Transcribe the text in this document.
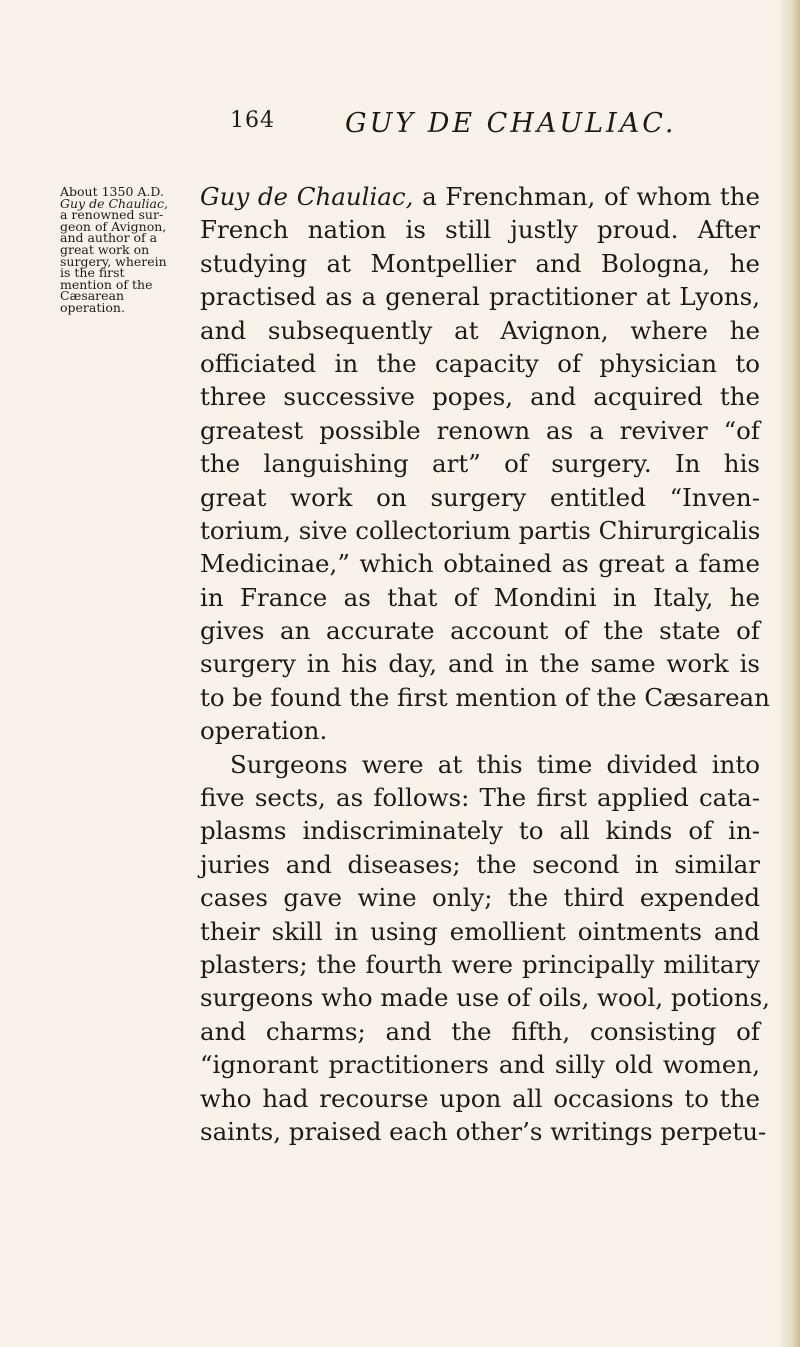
164	GUY DE CHAULIAC.
About 1350 A.D.
Guy de Chauliac,
a renowned sur-
geon of Avignon,
and author of a
great work on
surgery, wherein
is the first
mention of the
Cæsarean
operation.
Guy de Chauliac, a Frenchman, of whom the
French nation is still justly proud. After
studying at Montpellier and Bologna, he
practised as a general practitioner at Lyons,
and subsequently at Avignon, where he
officiated in the capacity of physician to
three successive popes, and acquired the
greatest possible renown as a reviver “of
the languishing art” of surgery. In his
great work on surgery entitled “Inven-
torium, sive collectorium partis Chirurgicalis
Medicinae,” which obtained as great a fame
in France as that of Mondini in Italy, he
gives an accurate account of the state of
surgery in his day, and in the same work is
to be found the first mention of the Cæsarean
operation.
Surgeons were at this time divided into
five sects, as follows: The first applied cata-
plasms indiscriminately to all kinds of in-
juries and diseases; the second in similar
cases gave wine only; the third expended
their skill in using emollient ointments and
plasters; the fourth were principally military
surgeons who made use of oils, wool, potions,
and charms; and the fifth, consisting of
“ignorant practitioners and silly old women,
who had recourse upon all occasions to the
saints, praised each other’s writings perpetu-
